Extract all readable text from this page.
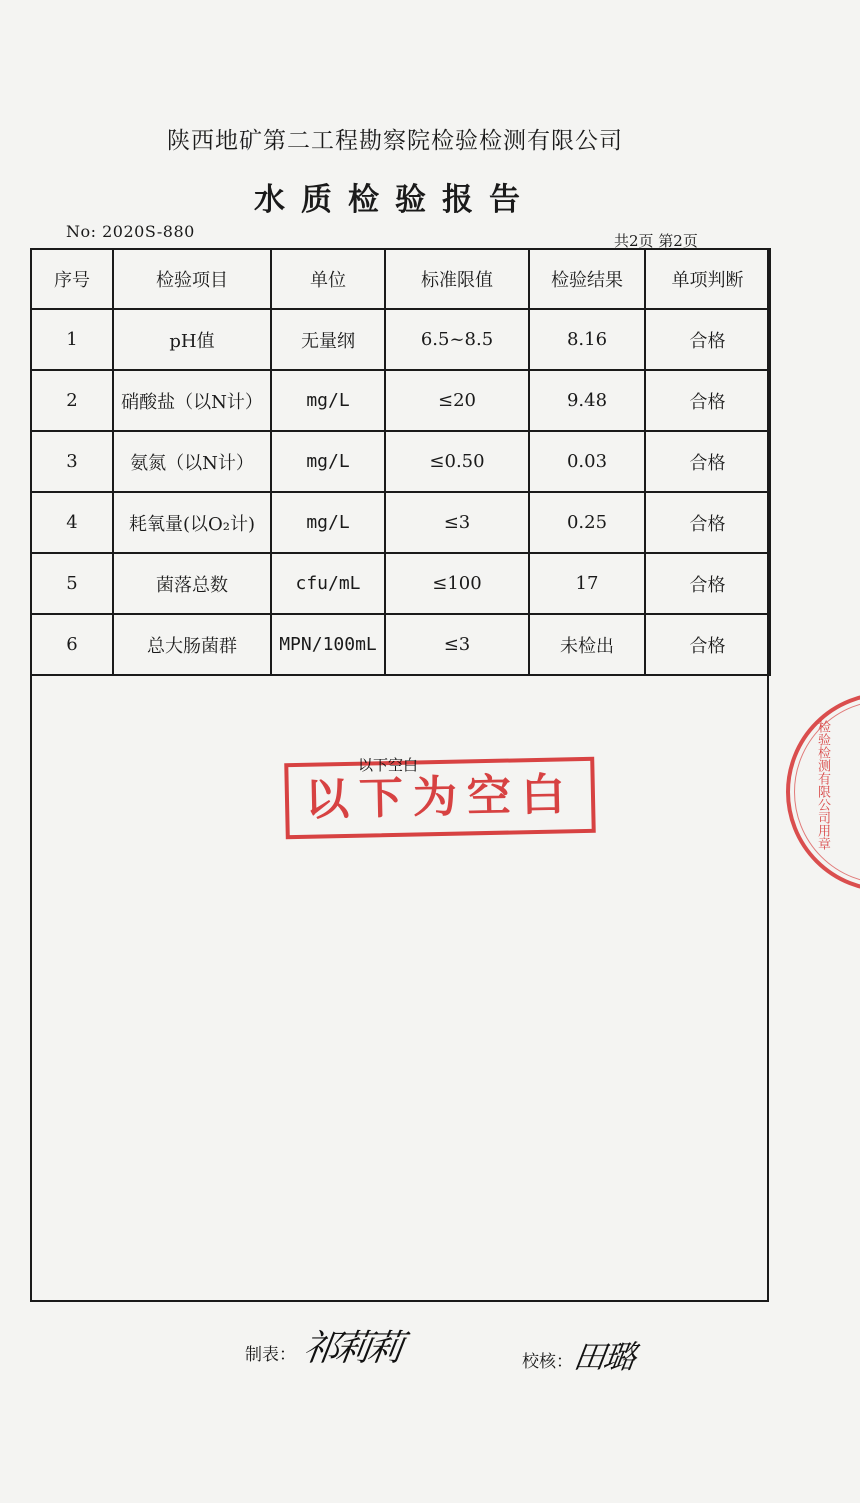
陕西地矿第二工程勘察院检验检测有限公司
水质检验报告
No: 2020S-880	共2页 第2页
序号	检验项目	单位	标准限值	检验结果	单项判断
1	pH值	无量纲	6.5~8.5	8.16	合格
2	硝酸盐（以N计）	mg/L	≤20	9.48	合格
3	氨氮（以N计）	mg/L	≤0.50	0.03	合格
4	耗氧量(以O₂计)	mg/L	≤3	0.25	合格
5	菌落总数	cfu/mL	≤100	17	合格
6	总大肠菌群	MPN/100mL	≤3	未检出	合格
以下为空白
以下空白	检验检测有限公司用章
制表： 祁莉莉	校核：
田璐
